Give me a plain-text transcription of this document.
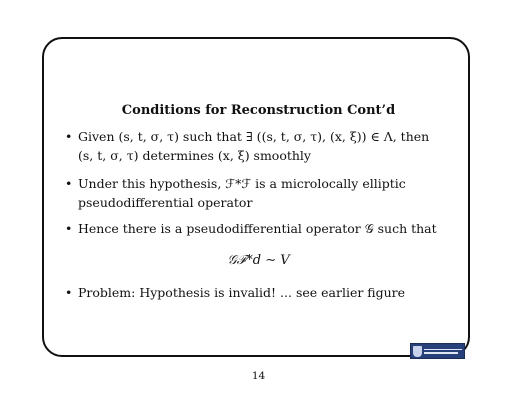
Conditions for Reconstruction Cont’d
• Given (s, t, σ, τ) such that ∃ ((s, t, σ, τ), (x, ξ)) ∈ Λ, then
(s, t, σ, τ) determines (x, ξ) smoothly
• Under this hypothesis, ℱ*ℱ is a microlocally elliptic
pseudodifferential operator
• Hence there is a pseudodifferential operator 𝒢 such that
𝒢ℱ*d ∼ V
• Problem: Hypothesis is invalid! ... see earlier figure
14
